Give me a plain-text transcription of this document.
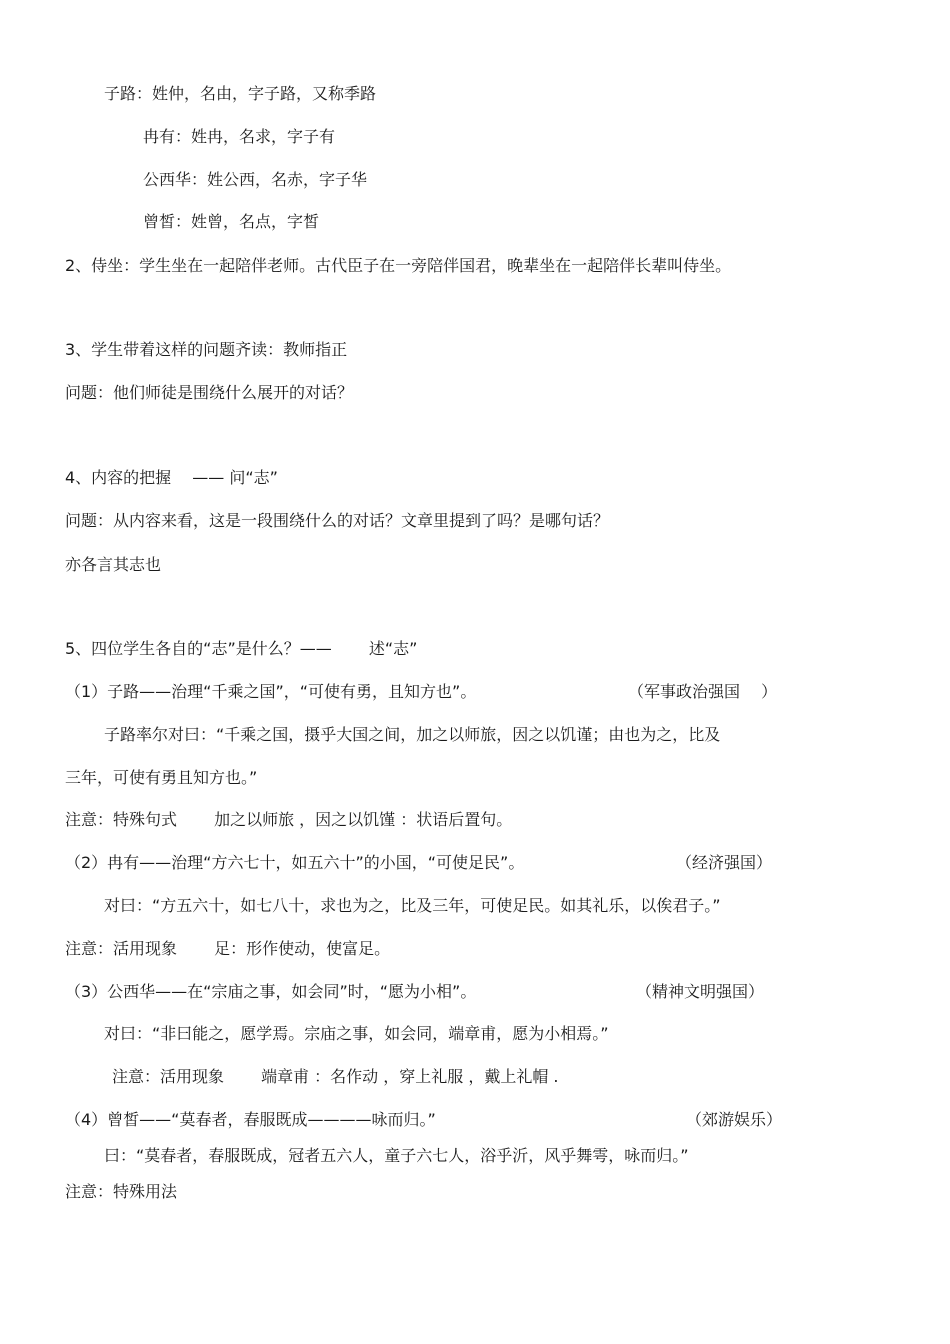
子路：姓仲，名由，字子路，又称季路

冉有：姓冉，名求，字子有

公西华：姓公西，名赤，字子华

曾皙：姓曾，名点，字皙

2、侍坐：学生坐在一起陪伴老师。古代臣子在一旁陪伴国君，晚辈坐在一起陪伴长辈叫侍坐。

3、学生带着这样的问题齐读：教师指正

问题：他们师徒是围绕什么展开的对话？

4、内容的把握 　—— 问“志”

问题：从内容来看，这是一段围绕什么的对话？文章里提到了吗？是哪句话？

亦各言其志也

5、四位学生各自的“志”是什么？——　　 述“志”

（1）子路——治理“千乘之国”，“可使有勇，且知方也”。	（军事政治强国　 ）

子路率尔对曰：“千乘之国，摄乎大国之间，加之以师旅，因之以饥谨；由也为之，比及

三年，可使有勇且知方也。”

注意：特殊句式 　　加之以师旅 ，因之以饥馑 ：状语后置句。

（2）冉有——治理“方六七十，如五六十”的小国，“可使足民”。	（经济强国）

对曰：“方五六十，如七八十，求也为之，比及三年，可使足民。如其礼乐，以俟君子。”

注意：活用现象 　　足：形作使动，使富足。

（3）公西华——在“宗庙之事，如会同”时，“愿为小相”。	（精神文明强国）

对曰：“非曰能之，愿学焉。宗庙之事，如会同，端章甫，愿为小相焉。”

注意：活用现象 　　端章甫 ：名作动 ，穿上礼服 ，戴上礼帽 .

（4）曾皙——“莫春者，春服既成————咏而归。”	（郊游娱乐）

曰：“莫春者，春服既成，冠者五六人，童子六七人，浴乎沂，风乎舞雩，咏而归。”

注意：特殊用法
